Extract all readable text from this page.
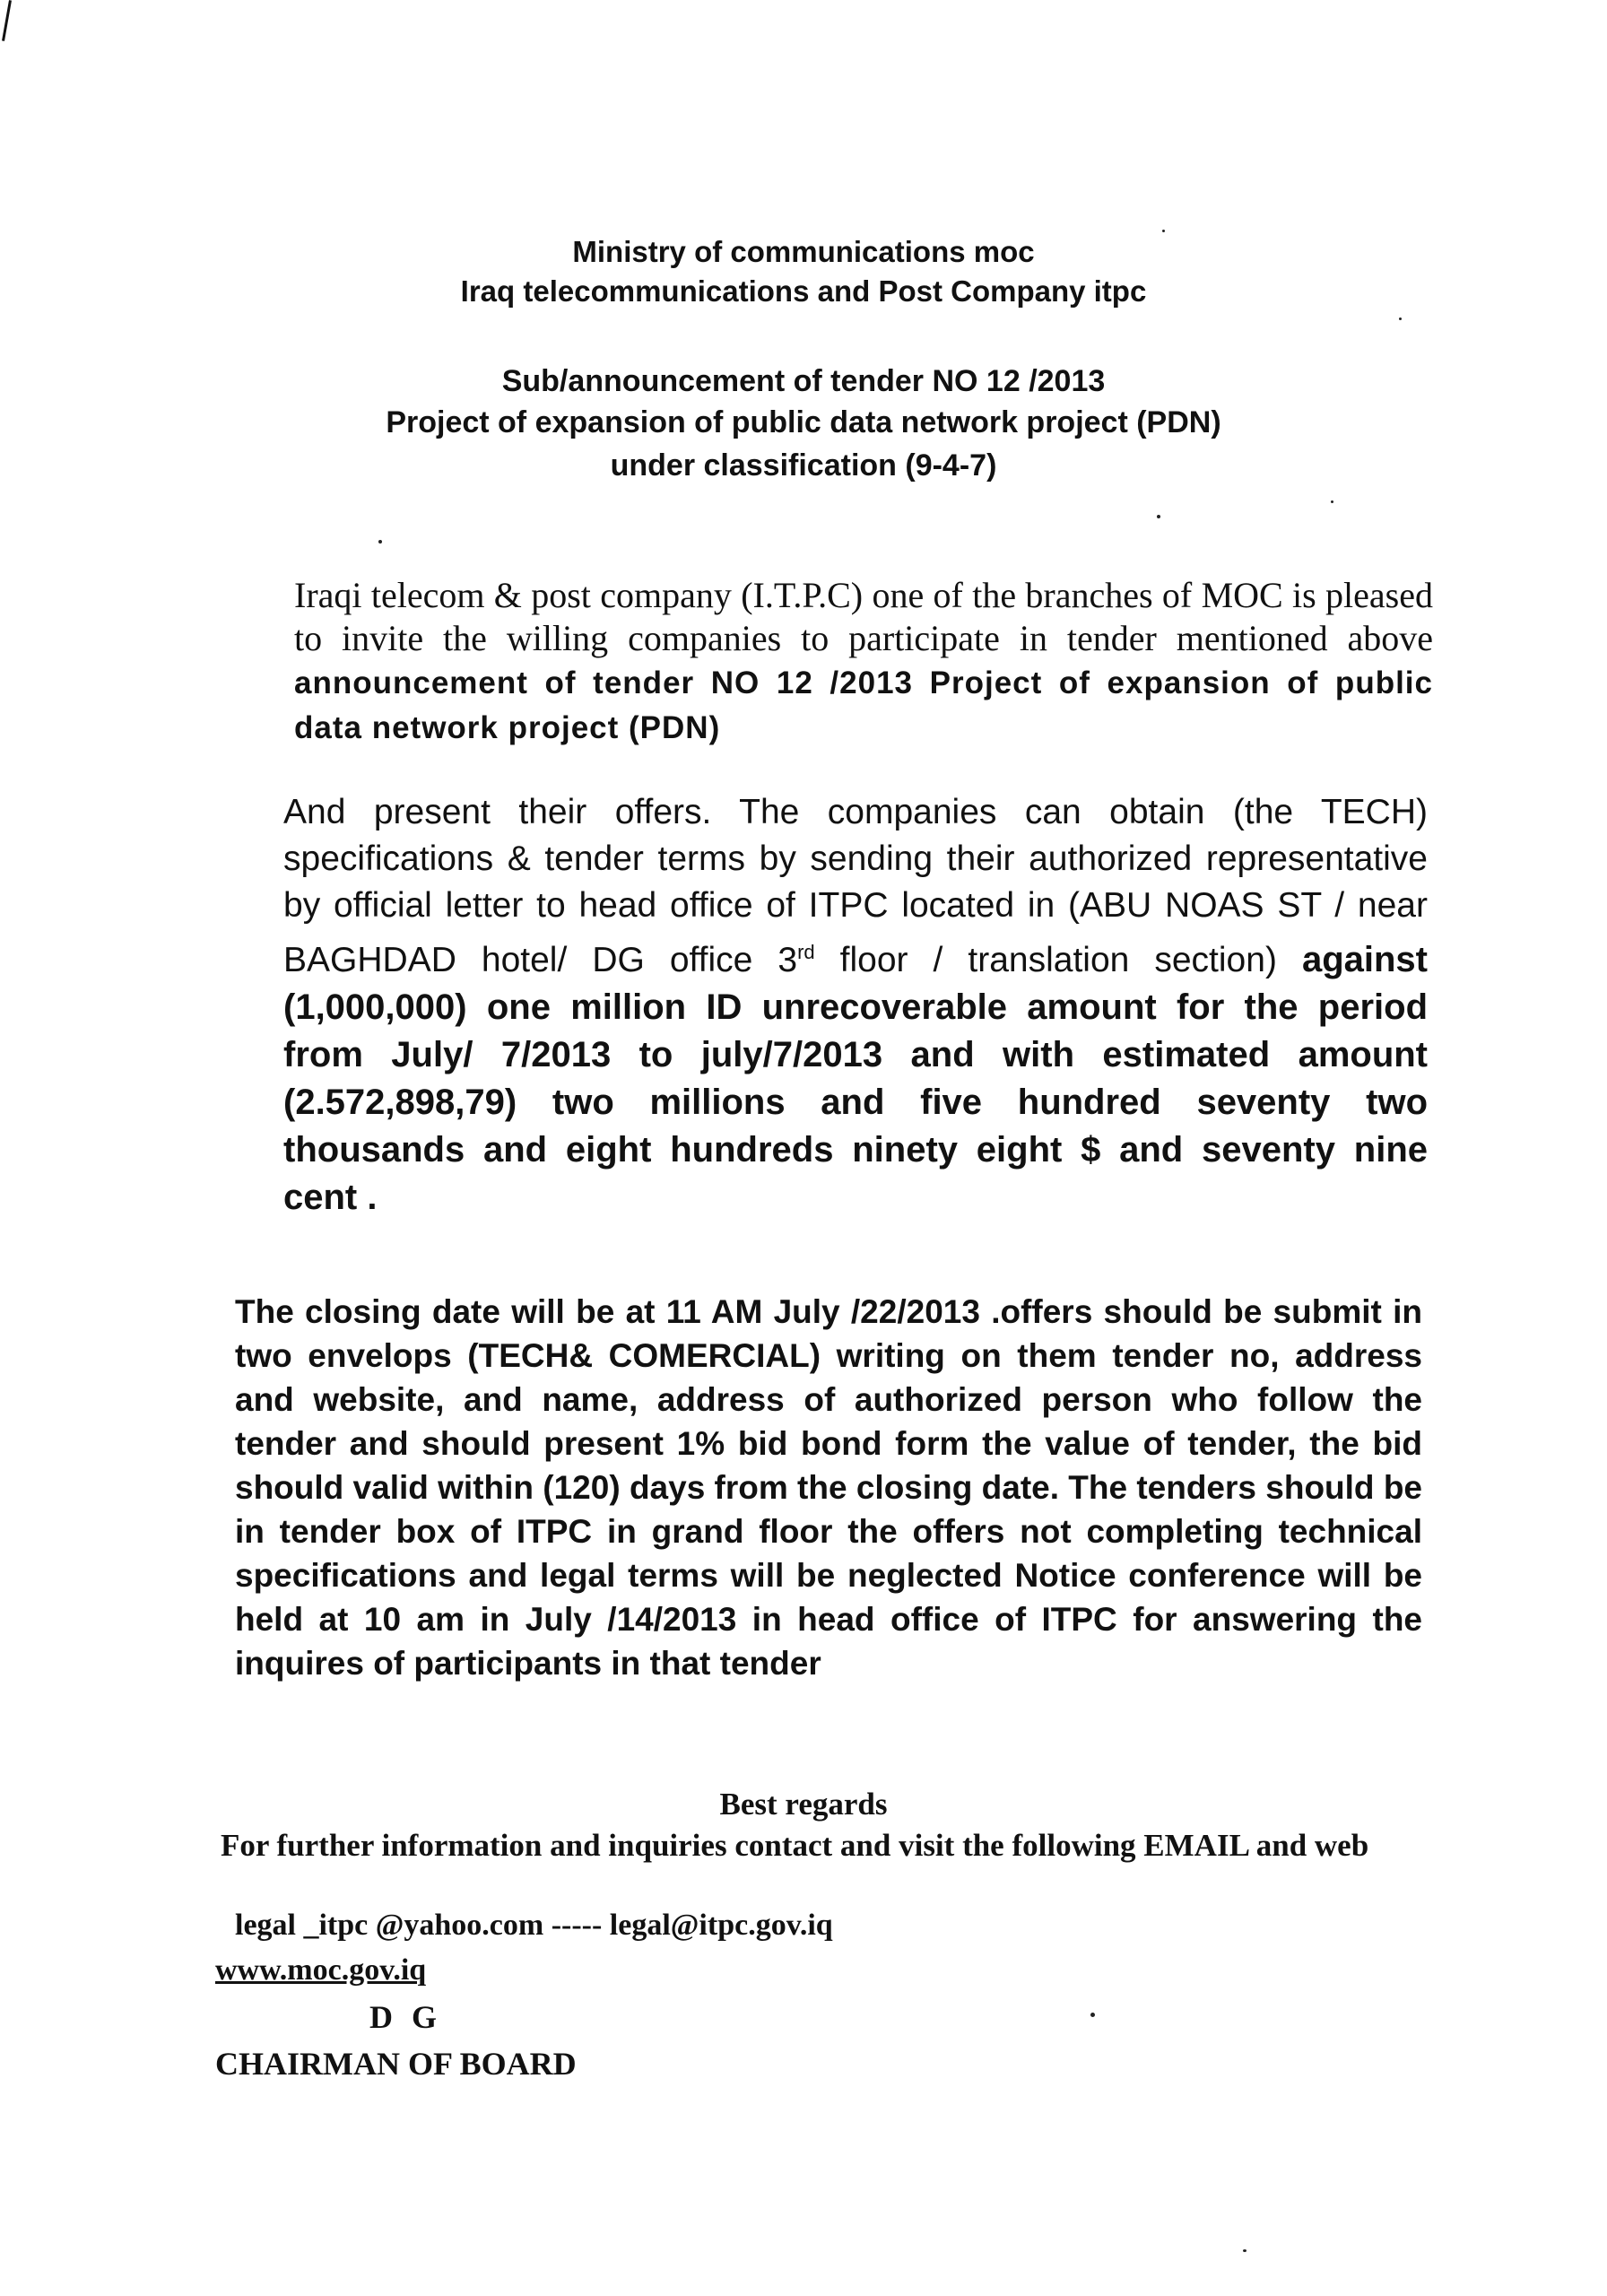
Ministry of communications moc
Iraq telecommunications and Post Company itpc
Sub/announcement of tender NO 12 /2013
Project of expansion of public data network project (PDN)
under classification (9-4-7)
Iraqi telecom & post company (I.T.P.C) one of the branches of MOC is pleased to invite the willing companies to participate in tender mentioned above announcement of tender NO 12 /2013 Project of expansion of public data network project (PDN)
And present their offers. The companies can obtain (the TECH) specifications & tender terms by sending their authorized representative by official letter to head office of ITPC located in (ABU NOAS ST / near BAGHDAD hotel/ DG office 3rd floor / translation section) against (1,000,000) one million ID unrecoverable amount for the period from July/ 7/2013 to july/7/2013 and with estimated amount (2.572,898,79) two millions and five hundred seventy two thousands and eight hundreds ninety eight $ and seventy nine cent .
The closing date will be at 11 AM July /22/2013 .offers should be submit in two envelops (TECH& COMERCIAL) writing on them tender no, address and website, and name, address of authorized person who follow the tender and should present 1% bid bond form the value of tender, the bid should valid within (120) days from the closing date. The tenders should be in tender box of ITPC in grand floor the offers not completing technical specifications and legal terms will be neglected Notice conference will be held at 10 am in July /14/2013 in head office of ITPC for answering the inquires of participants in that tender
Best regards
For further information and inquiries contact and visit the following EMAIL and web
legal _itpc @yahoo.com ----- legal@itpc.gov.iq
www.moc.gov.iq
D G
CHAIRMAN OF BOARD
